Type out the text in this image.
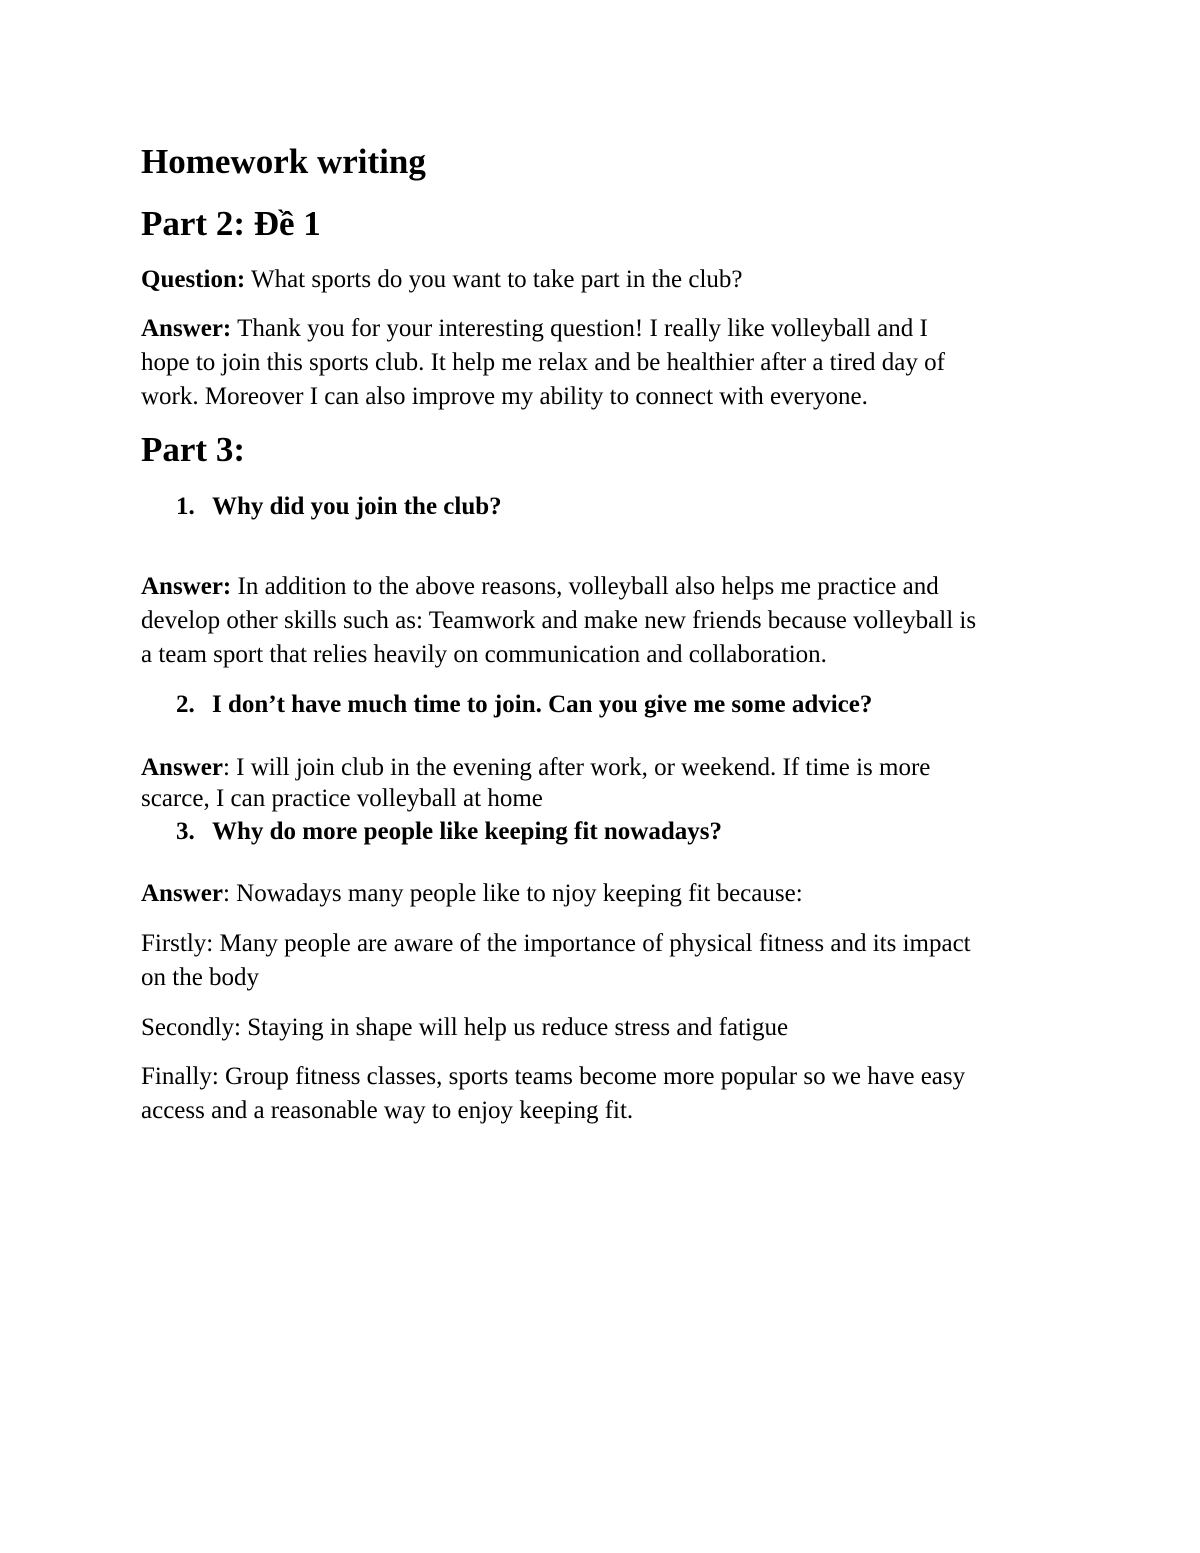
Homework writing
Part 2: Đề 1
Question: What sports do you want to take part in the club?
Answer: Thank you for your interesting question! I really like volleyball and I
hope to join this sports club. It help me relax and be healthier after a tired day of
work. Moreover I can also improve my ability to connect with everyone.
Part 3:
1. Why did you join the club?
Answer: In addition to the above reasons, volleyball also helps me practice and
develop other skills such as: Teamwork and make new friends because volleyball is
a team sport that relies heavily on communication and collaboration.
2. I don’t have much time to join. Can you give me some advice?
Answer: I will join club in the evening after work, or weekend. If time is more
scarce, I can practice volleyball at home
3. Why do more people like keeping fit nowadays?
Answer: Nowadays many people like to njoy keeping fit because:
Firstly: Many people are aware of the importance of physical fitness and its impact
on the body
Secondly: Staying in shape will help us reduce stress and fatigue
Finally: Group fitness classes, sports teams become more popular so we have easy
access and a reasonable way to enjoy keeping fit.
